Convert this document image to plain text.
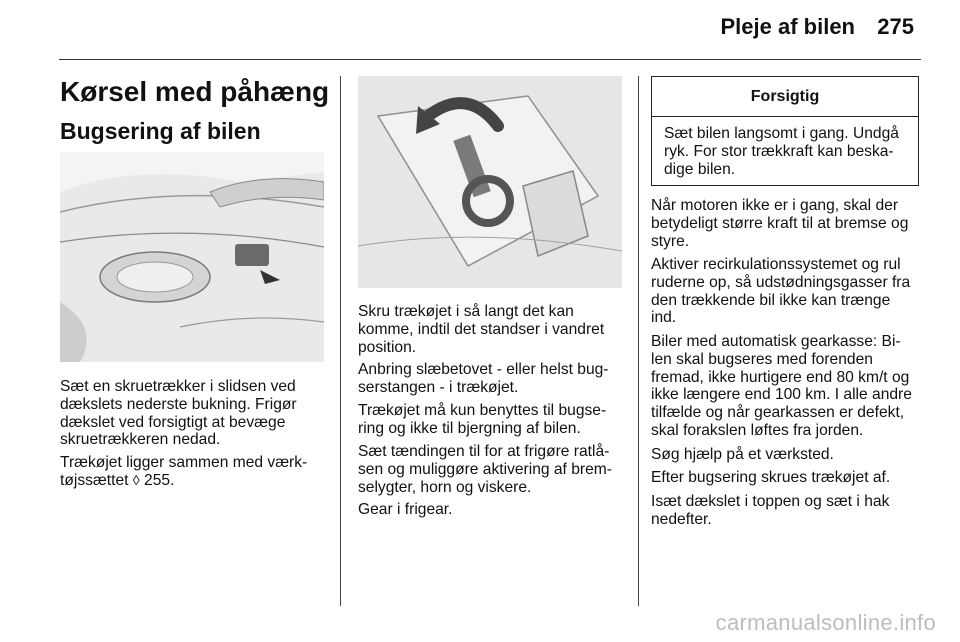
Pleje af bilen 275
Kørsel med påhæng
Bugsering af bilen
Sæt en skruetrækker i slidsen ved
dækslets nederste bukning. Frigør
dækslet ved forsigtigt at bevæge
skruetrækkeren nedad.
Trækøjet ligger sammen med værk-
tøjssættet ◊ 255.
Skru trækøjet i så langt det kan
komme, indtil det standser i vandret
position.
Anbring slæbetovet - eller helst bug-
serstangen - i trækøjet.
Trækøjet må kun benyttes til bugse-
ring og ikke til bjergning af bilen.
Sæt tændingen til for at frigøre ratlå-
sen og muliggøre aktivering af brem-
selygter, horn og viskere.
Gear i frigear.
Forsigtig
Sæt bilen langsomt i gang. Undgå
ryk. For stor trækkraft kan beska-
dige bilen.
Når motoren ikke er i gang, skal der
betydeligt større kraft til at bremse og
styre.
Aktiver recirkulationssystemet og rul
ruderne op, så udstødningsgasser fra
den trækkende bil ikke kan trænge
ind.
Biler med automatisk gearkasse: Bi-
len skal bugseres med forenden
fremad, ikke hurtigere end 80 km/t og
ikke længere end 100 km. I alle andre
tilfælde og når gearkassen er defekt,
skal forakslen løftes fra jorden.
Søg hjælp på et værksted.
Efter bugsering skrues trækøjet af.
Isæt dækslet i toppen og sæt i hak
nedefter.
carmanualsonline.info
